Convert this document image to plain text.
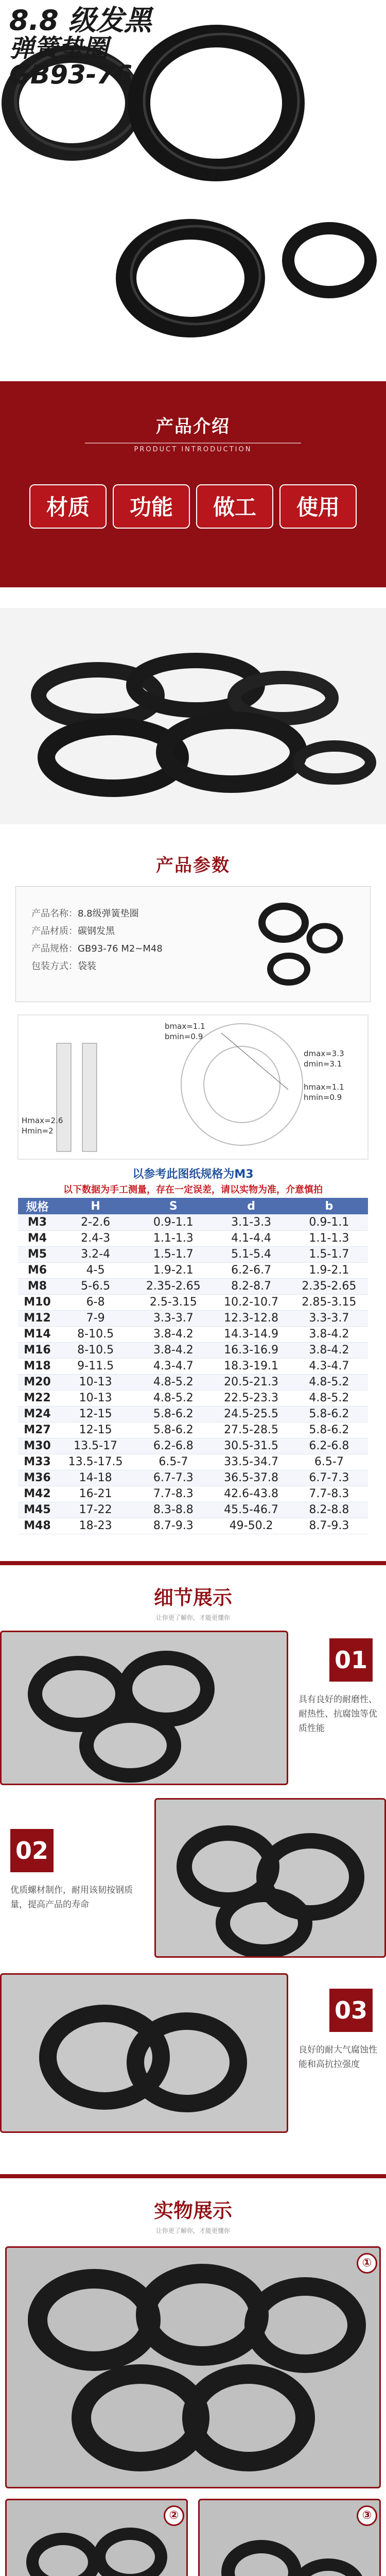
8.8 级发黑
弹簧垫圈
GB93-76
产品介绍
PRODUCT INTRODUCTION
材质 功能 做工 使用
产品参数
产品名称：8.8级弹簧垫圈
产品材质：碳钢发黑
产品规格：GB93-76 M2~M48
包装方式：袋装
bmax=1.1
bmin=0.9
dmax=3.3
dmin=3.1
hmax=1.1
hmin=0.9
Hmax=2.6
Hmin=2
以参考此图纸规格为M3
以下数据为手工测量，存在一定误差，请以实物为准，介意慎拍
规格	H	S	d	b
M3	2-2.6	0.9-1.1	3.1-3.3	0.9-1.1
M4	2.4-3	1.1-1.3	4.1-4.4	1.1-1.3
M5	3.2-4	1.5-1.7	5.1-5.4	1.5-1.7
M6	4-5	1.9-2.1	6.2-6.7	1.9-2.1
M8	5-6.5	2.35-2.65	8.2-8.7	2.35-2.65
M10	6-8	2.5-3.15	10.2-10.7	2.85-3.15
M12	7-9	3.3-3.7	12.3-12.8	3.3-3.7
M14	8-10.5	3.8-4.2	14.3-14.9	3.8-4.2
M16	8-10.5	3.8-4.2	16.3-16.9	3.8-4.2
M18	9-11.5	4.3-4.7	18.3-19.1	4.3-4.7
M20	10-13	4.8-5.2	20.5-21.3	4.8-5.2
M22	10-13	4.8-5.2	22.5-23.3	4.8-5.2
M24	12-15	5.8-6.2	24.5-25.5	5.8-6.2
M27	12-15	5.8-6.2	27.5-28.5	5.8-6.2
M30	13.5-17	6.2-6.8	30.5-31.5	6.2-6.8
M33	13.5-17.5	6.5-7	33.5-34.7	6.5-7
M36	14-18	6.7-7.3	36.5-37.8	6.7-7.3
M42	16-21	7.7-8.3	42.6-43.8	7.7-8.3
M45	17-22	8.3-8.8	45.5-46.7	8.2-8.8
M48	18-23	8.7-9.3	49-50.2	8.7-9.3
细节展示
让你更了解你，才能更懂你
01
具有良好的耐磨性、耐热性、抗腐蚀等优质性能
02
优质螺材制作，耐用该韧按钢质量，提高产品的寿命
03
良好的耐大气腐蚀性能和高抗拉强度
实物展示
让你更了解你，才能更懂你
①
②	③
